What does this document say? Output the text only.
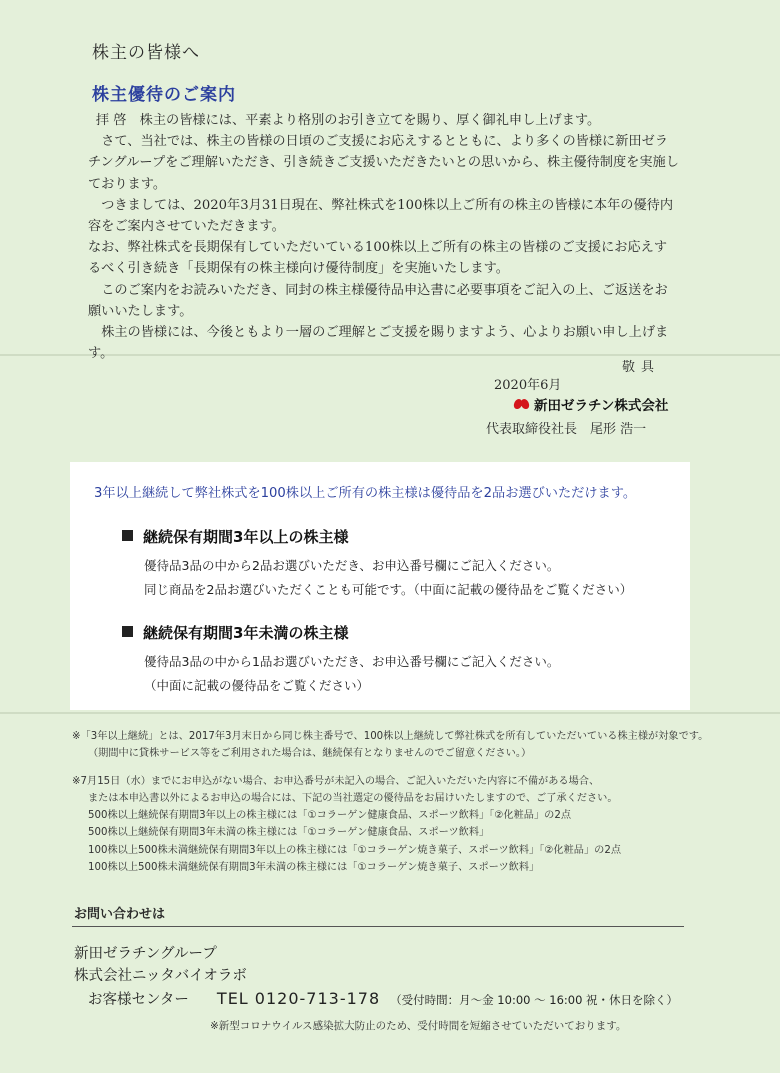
株主の皆様へ
株主優待のご案内

拝 啓　株主の皆様には、平素より格別のお引き立てを賜り、厚く御礼申し上げます。

さて、当社では、株主の皆様の日頃のご支援にお応えするとともに、より多くの皆様に新田ゼラチングループをご理解いただき、引き続きご支援いただきたいとの思いから、株主優待制度を実施しております。

つきましては、2020年3月31日現在、弊社株式を100株以上ご所有の株主の皆様に本年の優待内容をご案内させていただきます。

なお、弊社株式を長期保有していただいている100株以上ご所有の株主の皆様のご支援にお応えするべく引き続き「長期保有の株主様向け優待制度」を実施いたします。

このご案内をお読みいただき、同封の株主様優待品申込書に必要事項をご記入の上、ご返送をお願いいたします。

株主の皆様には、今後ともより一層のご理解とご支援を賜りますよう、心よりお願い申し上げます。

敬具
2020年6月
新田ゼラチン株式会社
代表取締役社長　尾形 浩一
3年以上継続して弊社株式を100株以上ご所有の株主様は優待品を2品お選びいただけます。
継続保有期間3年以上の株主様
優待品3品の中から2品お選びいただき、お申込番号欄にご記入ください。
同じ商品を2品お選びいただくことも可能です。（中面に記載の優待品をご覧ください）
継続保有期間3年未満の株主様
優待品3品の中から1品お選びいただき、お申込番号欄にご記入ください。
（中面に記載の優待品をご覧ください）
※「3年以上継続」とは、2017年3月末日から同じ株主番号で、100株以上継続して弊社株式を所有していただいている株主様が対象です。
（期間中に貸株サービス等をご利用された場合は、継続保有となりませんのでご留意ください。）
※7月15日（水）までにお申込がない場合、お申込番号が未記入の場合、ご記入いただいた内容に不備がある場合、
または本申込書以外によるお申込の場合には、下記の当社選定の優待品をお届けいたしますので、ご了承ください。
500株以上継続保有期間3年以上の株主様には「①コラーゲン健康食品、スポーツ飲料」「②化粧品」の2点
500株以上継続保有期間3年未満の株主様には「①コラーゲン健康食品、スポーツ飲料」
100株以上500株未満継続保有期間3年以上の株主様には「①コラーゲン焼き菓子、スポーツ飲料」「②化粧品」の2点
100株以上500株未満継続保有期間3年未満の株主様には「①コラーゲン焼き菓子、スポーツ飲料」
お問い合わせは
新田ゼラチングループ
株式会社ニッタバイオラボ
お客様センター TEL 0120-713-178 （受付時間：月～金 10:00 ～ 16:00 祝・休日を除く）
※新型コロナウイルス感染拡大防止のため、受付時間を短縮させていただいております。
